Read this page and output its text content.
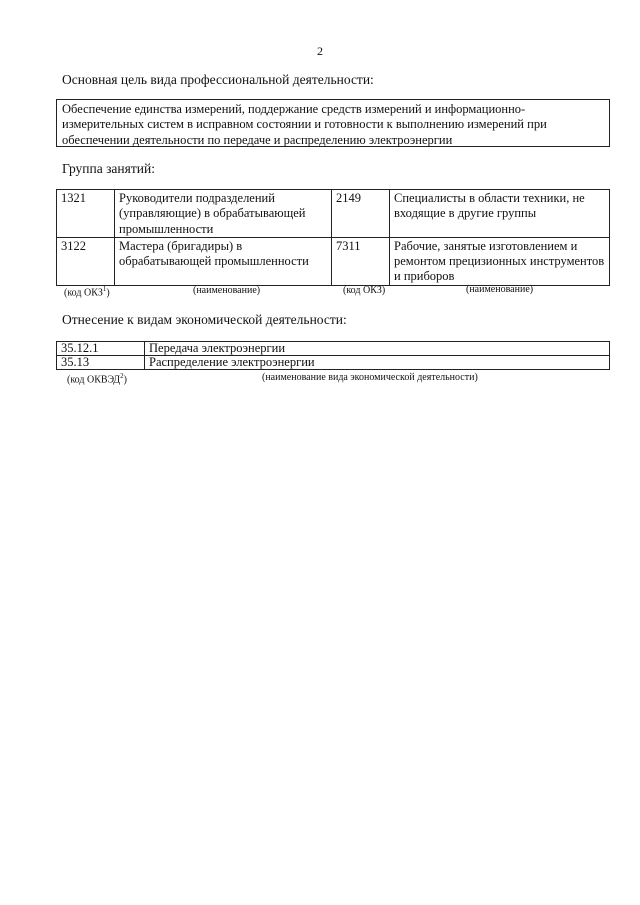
2
Основная цель вида профессиональной деятельности:
Обеспечение единства измерений, поддержание средств измерений и информационно-измерительных систем в исправном состоянии и готовности к выполнению измерений при обеспечении деятельности по передаче и распределению электроэнергии
Группа занятий:
1321	Руководители подразделений (управляющие) в обрабатывающей промышленности	2149	Специалисты в области техники, не входящие в другие группы
3122	Мастера (бригадиры) в обрабатывающей промышленности	7311	Рабочие, занятые изготовлением и ремонтом прецизионных инструментов и приборов
(код ОКЗ$^1$)	(наименование)	(код ОКЗ)	(наименование)
Отнесение к видам экономической деятельности:
35.12.1	Передача электроэнергии
35.13	Распределение электроэнергии
(код ОКВЭД$^2$)	(наименование вида экономической деятельности)
